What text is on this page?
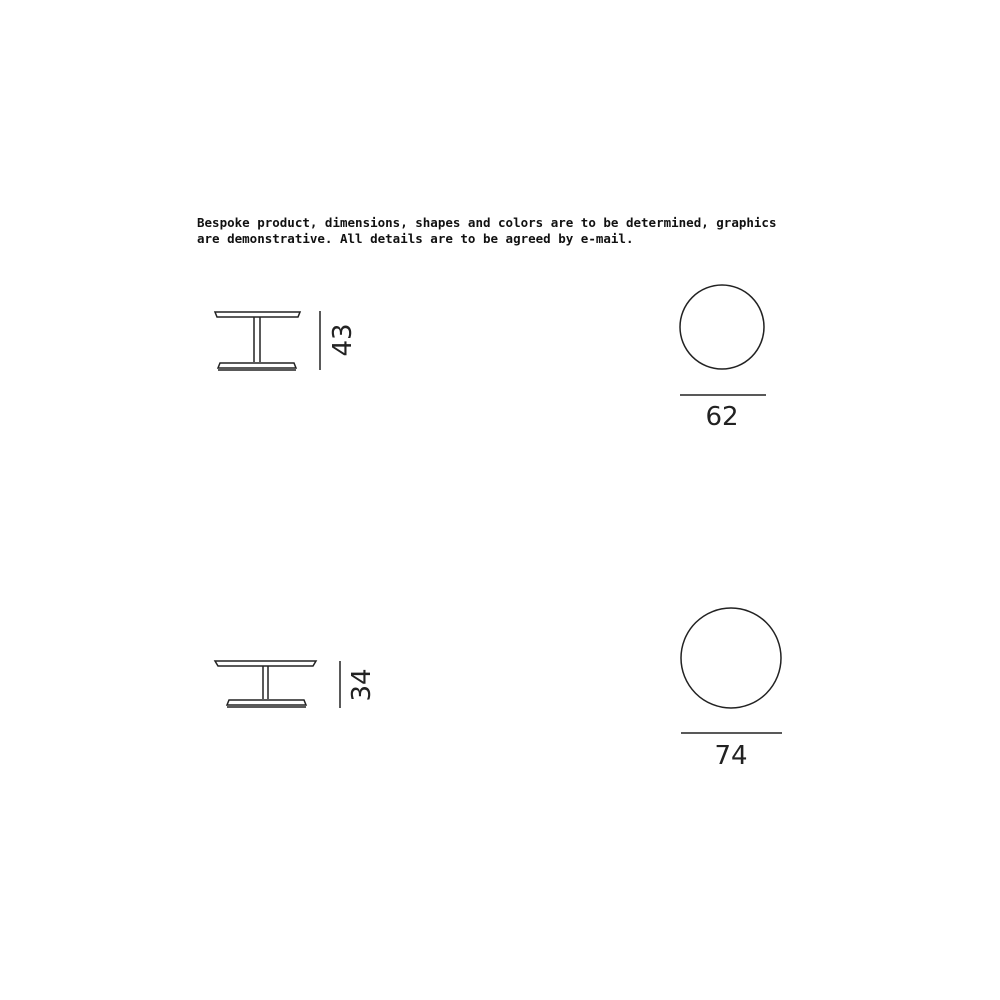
Bespoke product, dimensions, shapes and colors are to be determined, graphics
are demonstrative. All details are to be agreed by e-mail.
43
62
34
74
